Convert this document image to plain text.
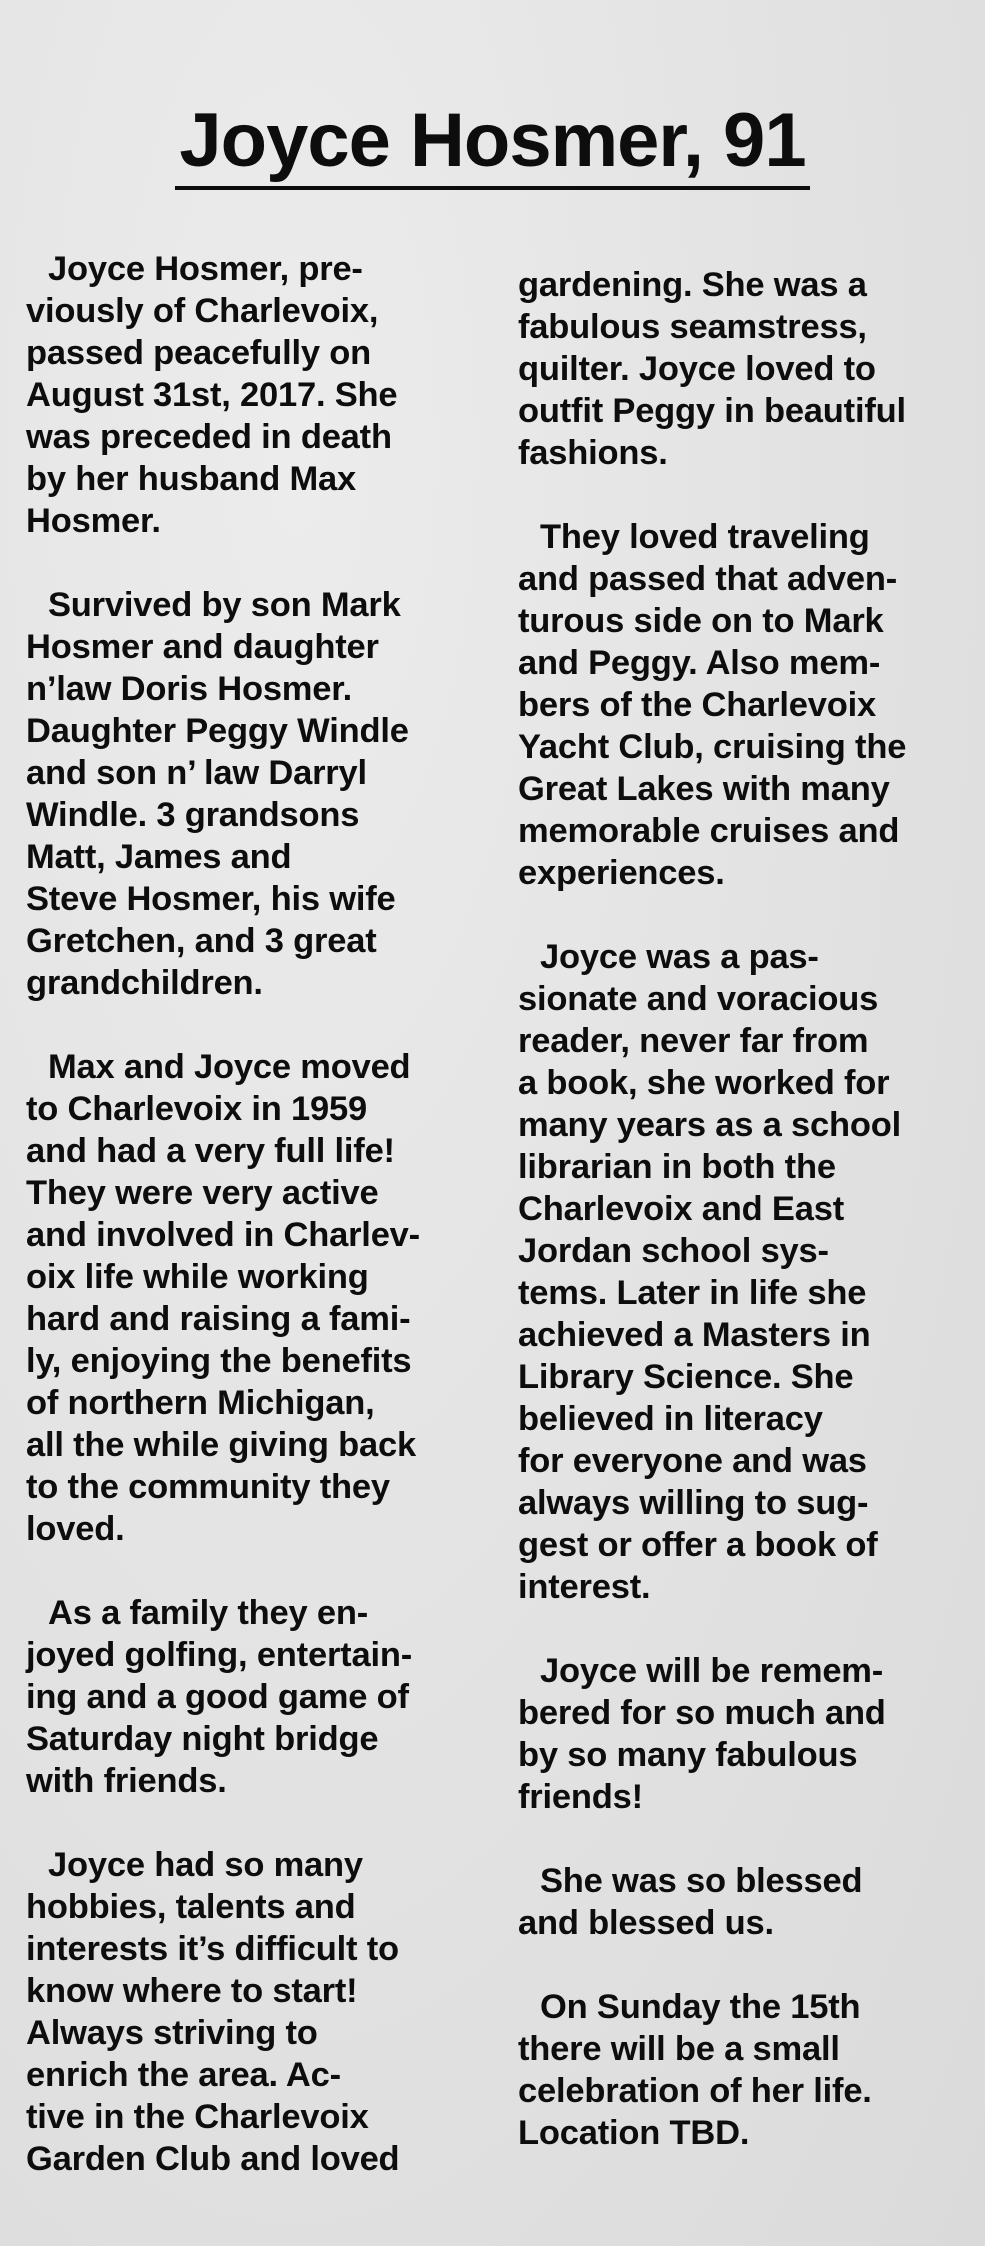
Joyce Hosmer, 91

Joyce Hosmer, pre-
viously of Charlevoix,
passed peacefully on
August 31st, 2017. She
was preceded in death
by her husband Max
Hosmer.

Survived by son Mark
Hosmer and daughter
n’law Doris Hosmer.
Daughter Peggy Windle
and son n’ law Darryl
Windle. 3 grandsons
Matt, James and
Steve Hosmer, his wife
Gretchen, and 3 great
grandchildren.

Max and Joyce moved
to Charlevoix in 1959
and had a very full life!
They were very active
and involved in Charlev-
oix life while working
hard and raising a fami-
ly, enjoying the benefits
of northern Michigan,
all the while giving back
to the community they
loved.

As a family they en-
joyed golfing, entertain-
ing and a good game of
Saturday night bridge
with friends.

Joyce had so many
hobbies, talents and
interests it’s difficult to
know where to start!
Always striving to
enrich the area. Ac-
tive in the Charlevoix
Garden Club and loved

gardening. She was a
fabulous seamstress,
quilter. Joyce loved to
outfit Peggy in beautiful
fashions.

They loved traveling
and passed that adven-
turous side on to Mark
and Peggy. Also mem-
bers of the Charlevoix
Yacht Club, cruising the
Great Lakes with many
memorable cruises and
experiences.

Joyce was a pas-
sionate and voracious
reader, never far from
a book, she worked for
many years as a school
librarian in both the
Charlevoix and East
Jordan school sys-
tems. Later in life she
achieved a Masters in
Library Science. She
believed in literacy
for everyone and was
always willing to sug-
gest or offer a book of
interest.

Joyce will be remem-
bered for so much and
by so many fabulous
friends!

She was so blessed
and blessed us.

On Sunday the 15th
there will be a small
celebration of her life.
Location TBD.
